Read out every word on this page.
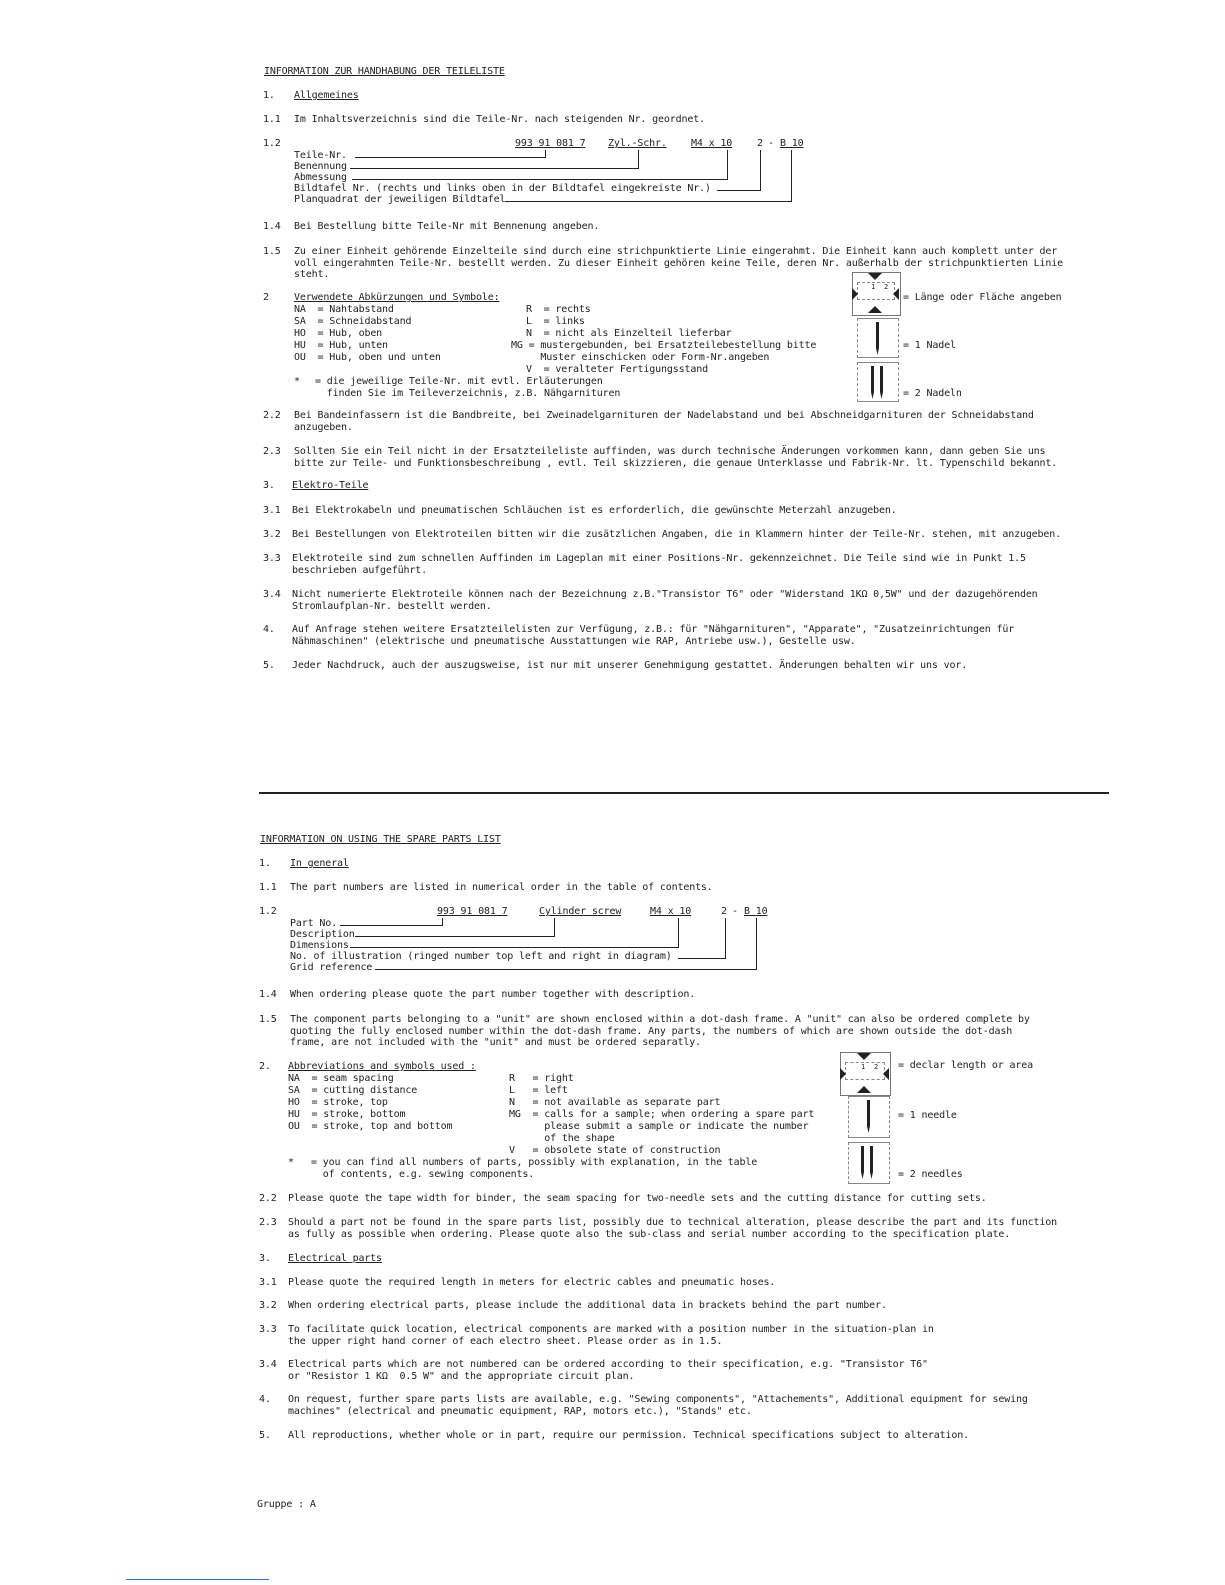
INFORMATION ZUR HANDHABUNG DER TEILELISTE
1. Allgemeines
1.1 Im Inhaltsverzeichnis sind die Teile-Nr. nach steigenden Nr. geordnet.
1.2	993 91 081 7 Zyl.-Schr. M4 x 10 2 - B 10
Teile-Nr.
Benennung
Abmessung
Bildtafel Nr. (rechts und links oben in der Bildtafel eingekreiste Nr.)
Planquadrat der jeweiligen Bildtafel
1.4 Bei Bestellung bitte Teile-Nr mit Bennenung angeben.
1.5 Zu einer Einheit gehörende Einzelteile sind durch eine strichpunktierte Linie eingerahmt. Die Einheit kann auch komplett unter der
voll eingerahmten Teile-Nr. bestellt werden. Zu dieser Einheit gehören keine Teile, deren Nr. außerhalb der strichpunktierten Linie
steht.
2	Verwendete Abkürzungen und Symbole:
NA  = Nahtabstand
SA  = Schneidabstand
HO  = Hub, oben
HU  = Hub, unten
OU  = Hub, oben und unten
R  = rechts
L  = links
N  = nicht als Einzelteil lieferbar
MG = mustergebunden, bei Ersatzteilebestellung bitte
Muster einschicken oder Form-Nr.angeben
V  = veralteter Fertigungsstand
* = die jeweilige Teile-Nr. mit evtl. Erläuterungen
finden Sie im Teileverzeichnis, z.B. Nähgarnituren
1 2
= Länge oder Fläche angeben
= 1 Nadel
= 2 Nadeln
2.2 Bei Bandeinfassern ist die Bandbreite, bei Zweinadelgarnituren der Nadelabstand und bei Abschneidgarnituren der Schneidabstand
anzugeben.
2.3 Sollten Sie ein Teil nicht in der Ersatzteileliste auffinden, was durch technische Änderungen vorkommen kann, dann geben Sie uns
bitte zur Teile- und Funktionsbeschreibung , evtl. Teil skizzieren, die genaue Unterklasse und Fabrik-Nr. lt. Typenschild bekannt.
3. Elektro-Teile
3.1 Bei Elektrokabeln und pneumatischen Schläuchen ist es erforderlich, die gewünschte Meterzahl anzugeben.
3.2 Bei Bestellungen von Elektroteilen bitten wir die zusätzlichen Angaben, die in Klammern hinter der Teile-Nr. stehen, mit anzugeben.
3.3 Elektroteile sind zum schnellen Auffinden im Lageplan mit einer Positions-Nr. gekennzeichnet. Die Teile sind wie in Punkt 1.5
beschrieben aufgeführt.
3.4 Nicht numerierte Elektroteile können nach der Bezeichnung z.B."Transistor T6" oder "Widerstand 1KΩ 0,5W" und der dazugehörenden
Stromlaufplan-Nr. bestellt werden.
4. Auf Anfrage stehen weitere Ersatzteilelisten zur Verfügung, z.B.: für "Nähgarnituren", "Apparate", "Zusatzeinrichtungen für
Nähmaschinen" (elektrische und pneumatische Ausstattungen wie RAP, Antriebe usw.), Gestelle usw.
5. Jeder Nachdruck, auch der auszugsweise, ist nur mit unserer Genehmigung gestattet. Änderungen behalten wir uns vor.
INFORMATION ON USING THE SPARE PARTS LIST
1. In general
1.1 The part numbers are listed in numerical order in the table of contents.
1.2	993 91 081 7	Cylinder screw	M4 x 10	2 - B 10
Part No.
Description
Dimensions
No. of illustration (ringed number top left and right in diagram)
Grid reference
1.4 When ordering please quote the part number together with description.
1.5 The component parts belonging to a "unit" are shown enclosed within a dot-dash frame. A "unit" can also be ordered complete by
quoting the fully enclosed number within the dot-dash frame. Any parts, the numbers of which are shown outside the dot-dash
frame, are not included with the "unit" and must be ordered separatly.
2. Abbreviations and symbols used :
NA  = seam spacing
SA  = cutting distance
HO  = stroke, top
HU  = stroke, bottom
OU  = stroke, top and bottom
R   = right
L   = left
N   = not available as separate part
MG  = calls for a sample; when ordering a spare part
please submit a sample or indicate the number
of the shape
V   = obsolete state of construction
* = you can find all numbers of parts, possibly with explanation, in the table
of contents, e.g. sewing components.
1 2 = declar length or area
= 1 needle
= 2 needles
2.2 Please quote the tape width for binder, the seam spacing for two-needle sets and the cutting distance for cutting sets.
2.3 Should a part not be found in the spare parts list, possibly due to technical alteration, please describe the part and its function
as fully as possible when ordering. Please quote also the sub-class and serial number according to the specification plate.
3. Electrical parts
3.1 Please quote the required length in meters for electric cables and pneumatic hoses.
3.2 When ordering electrical parts, please include the additional data in brackets behind the part number.
3.3 To facilitate quick location, electrical components are marked with a position number in the situation-plan in
the upper right hand corner of each electro sheet. Please order as in 1.5.
3.4 Electrical parts which are not numbered can be ordered according to their specification, e.g. "Transistor T6"
or "Resistor 1 KΩ  0.5 W" and the appropriate circuit plan.
4. On request, further spare parts lists are available, e.g. "Sewing components", "Attachements", Additional equipment for sewing
machines" (electrical and pneumatic equipment, RAP, motors etc.), "Stands" etc.
5. All reproductions, whether whole or in part, require our permission. Technical specifications subject to alteration.
Gruppe : A
